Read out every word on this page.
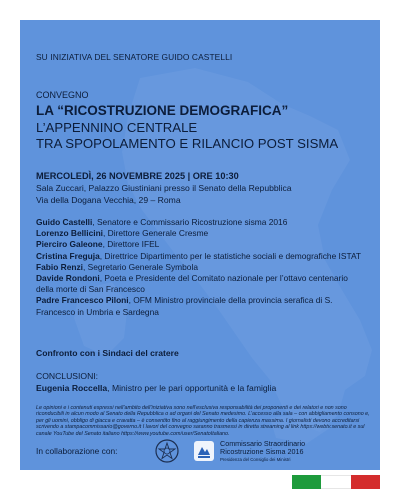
SU INIZIATIVA DEL SENATORE GUIDO CASTELLI
CONVEGNO
LA “RICOSTRUZIONE DEMOGRAFICA”
L’APPENNINO CENTRALE
TRA SPOPOLAMENTO E RILANCIO POST SISMA
MERCOLEDÌ, 26 NOVEMBRE 2025 | ORE 10:30
Sala Zuccari, Palazzo Giustiniani presso il Senato della Repubblica
Via della Dogana Vecchia, 29 – Roma
Guido Castelli, Senatore e Commissario Ricostruzione sisma 2016
Lorenzo Bellicini, Direttore Generale Cresme
Pierciro Galeone, Direttore IFEL
Cristina Freguja, Direttrice Dipartimento per le statistiche sociali e demografiche ISTAT
Fabio Renzi, Segretario Generale Symbola
Davide Rondoni, Poeta e Presidente del Comitato nazionale per l’ottavo centenario della morte di San Francesco
Padre Francesco Piloni, OFM Ministro provinciale della provincia serafica di S. Francesco in Umbria e Sardegna
Confronto con i Sindaci del cratere
CONCLUSIONI:
Eugenia Roccella, Ministro per le pari opportunità e la famiglia
Le opinioni e i contenuti espressi nell’ambito dell’iniziativa sono nell’esclusiva responsabilità dei proponenti e dei relatori e non sono riconducibili in alcun modo al Senato della Repubblica o ad organi del Senato medesimo. L’accesso alla sala – con abbigliamento consono e, per gli uomini, obbligo di giacca e cravatta – è consentito fino al raggiungimento della capienza massima. I giornalisti devono accreditarsi scrivendo a stampacommissario@governo.it I lavori del convegno saranno trasmessi in diretta streaming al link https://webtv.senato.it e sul canale YouTube del Senato italiano https://www.youtube.com/user/SenatoItaliano.
In collaborazione con:
Commissario Straordinario
Ricostruzione Sisma 2016
Presidenza del Consiglio dei Ministri
